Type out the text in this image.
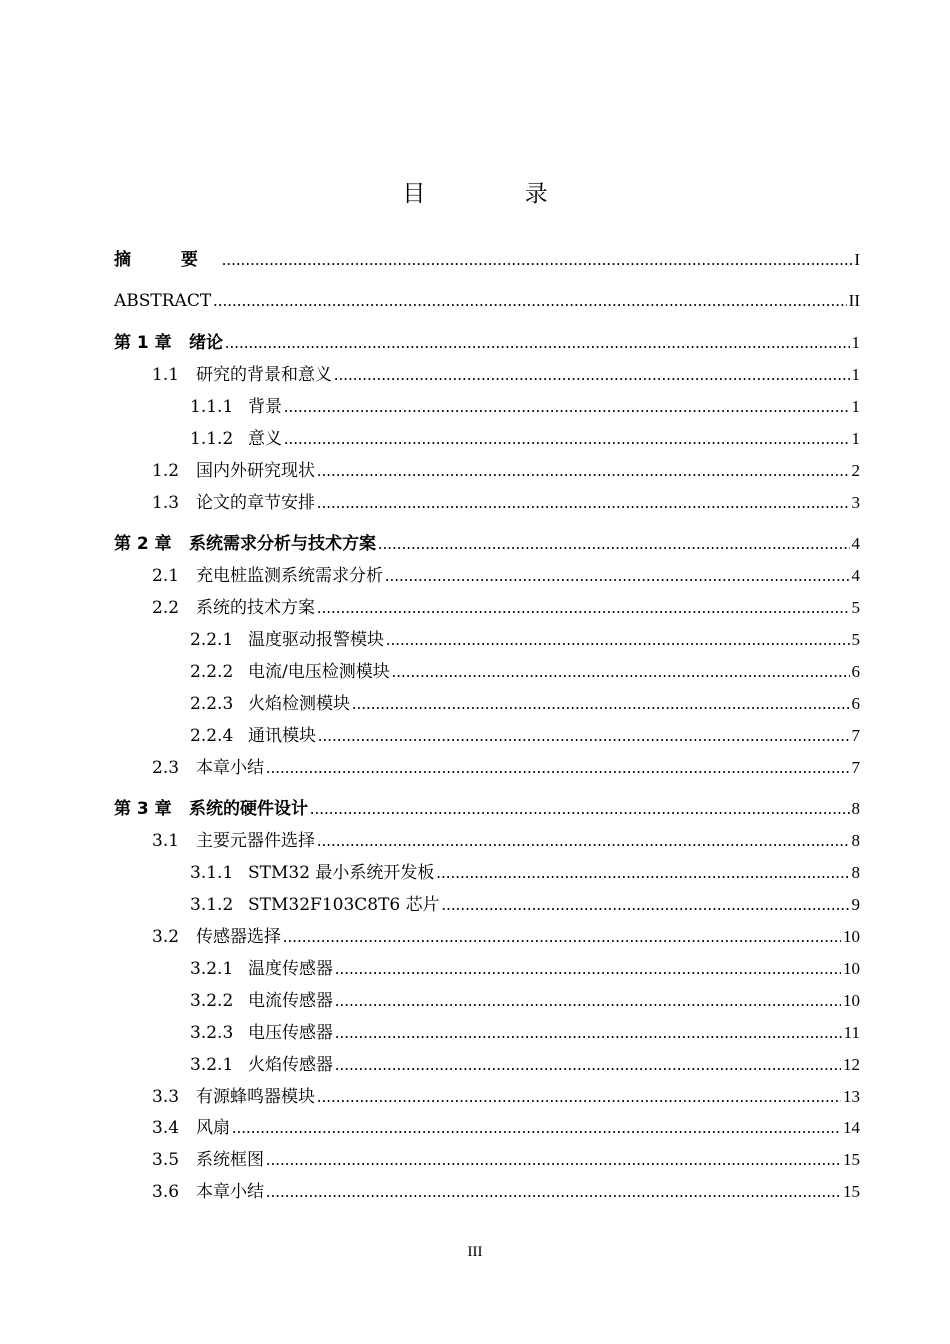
目 录
摘 要 .....	I
ABSTRACT .....	II
第 1 章	绪论 .....	1
1.1 研究的背景和意义 .....	1
1.1.1 背景 .....	1
1.1.2 意义 .....	1
1.2 国内外研究现状 .....	2
1.3 论文的章节安排 .....	3
第 2 章	系统需求分析与技术方案 .....	4
2.1 充电桩监测系统需求分析 .....	4
2.2 系统的技术方案 .....	5
2.2.1 温度驱动报警模块 .....	5
2.2.2 电流/电压检测模块 .....	6
2.2.3 火焰检测模块 .....	6
2.2.4 通讯模块 .....	7
2.3 本章小结 .....	7
第 3 章	系统的硬件设计 .....	8
3.1 主要元器件选择 .....	8
3.1.1 STM32 最小系统开发板 .....	8
3.1.2 STM32F103C8T6 芯片 .....	9
3.2 传感器选择 .....	10
3.2.1 温度传感器 .....	10
3.2.2 电流传感器 .....	10
3.2.3 电压传感器 .....	11
3.2.1 火焰传感器 .....	12
3.3 有源蜂鸣器模块 .....	13
3.4 风扇 .....	14
3.5 系统框图 .....	15
3.6 本章小结 .....	15
III
